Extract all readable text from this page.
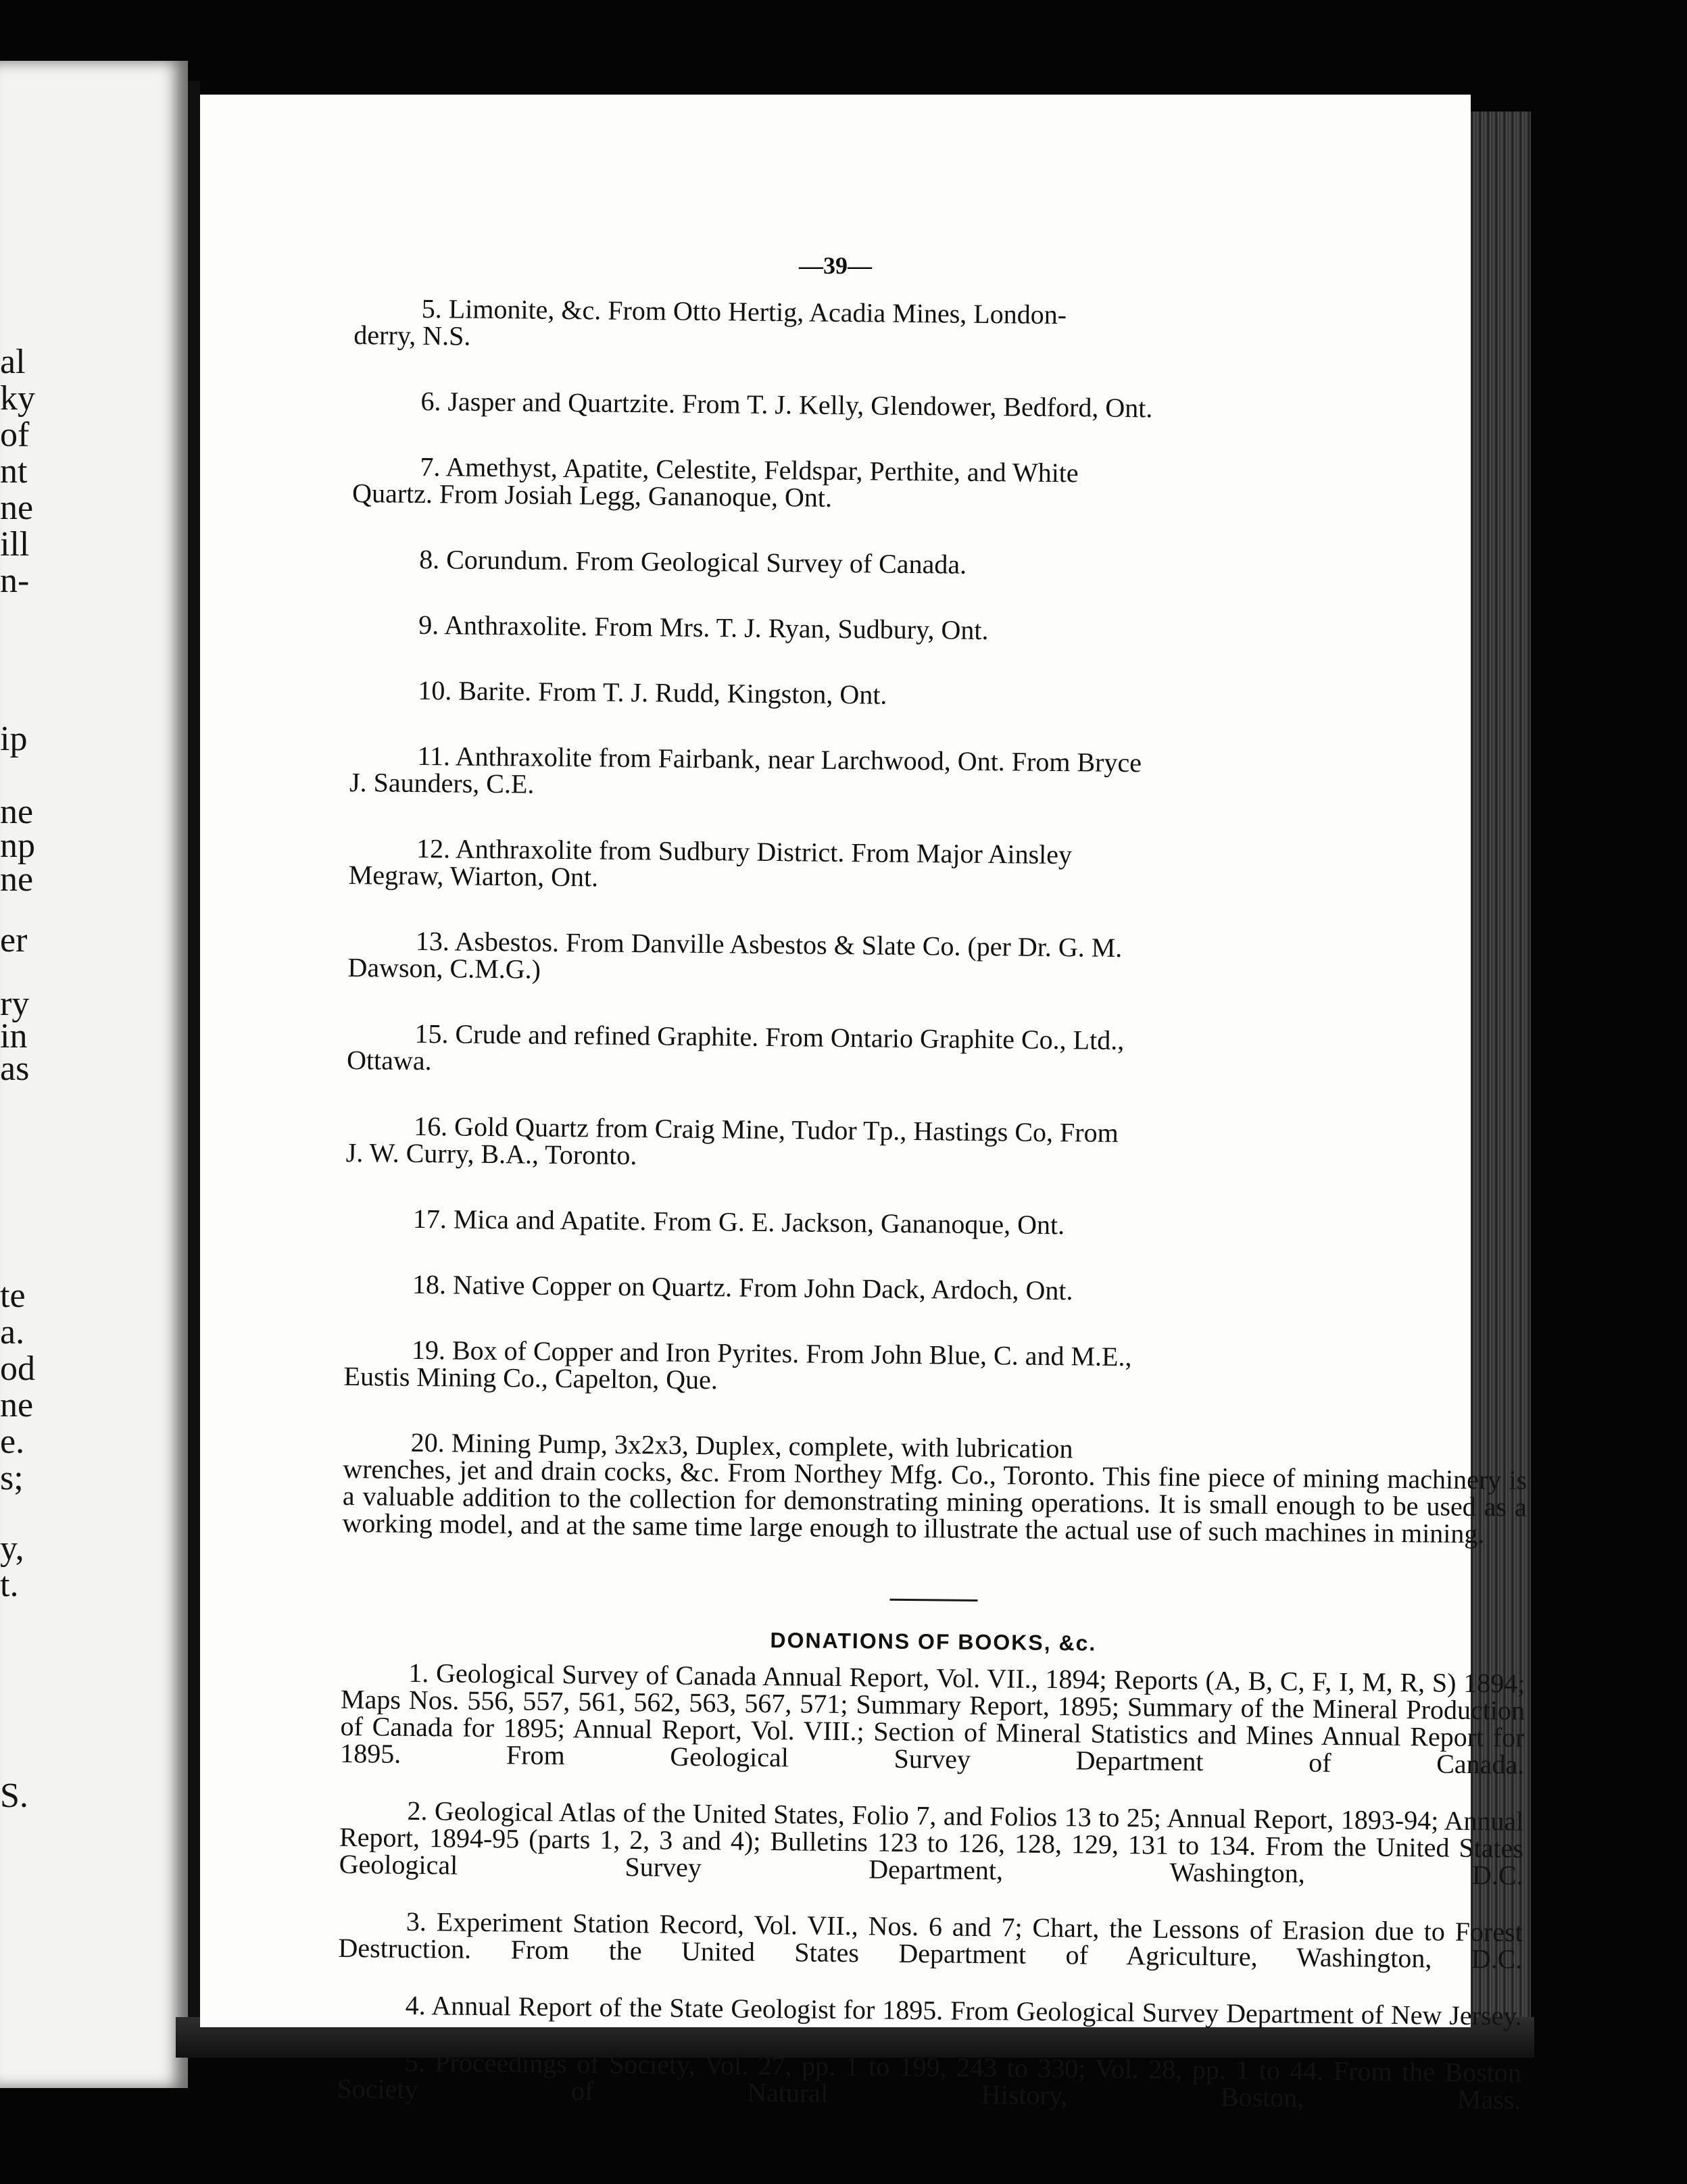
al
ky
of
nt
ne
ill
n-
ip
ne
np
ne
er
ry
in
as
te
a.
od
ne
e.
s;
y,
t.
S.
—39—
5. Limonite, &c. From Otto Hertig, Acadia Mines, London-
derry, N.S.
6. Jasper and Quartzite. From T. J. Kelly, Glendower, Bedford, Ont.
7. Amethyst, Apatite, Celestite, Feldspar, Perthite, and White
Quartz. From Josiah Legg, Gananoque, Ont.
8. Corundum. From Geological Survey of Canada.
9. Anthraxolite. From Mrs. T. J. Ryan, Sudbury, Ont.
10. Barite. From T. J. Rudd, Kingston, Ont.
11. Anthraxolite from Fairbank, near Larchwood, Ont. From Bryce
J. Saunders, C.E.
12. Anthraxolite from Sudbury District. From Major Ainsley
Megraw, Wiarton, Ont.
13. Asbestos. From Danville Asbestos & Slate Co. (per Dr. G. M.
Dawson, C.M.G.)
15. Crude and refined Graphite. From Ontario Graphite Co., Ltd.,
Ottawa.
16. Gold Quartz from Craig Mine, Tudor Tp., Hastings Co, From
J. W. Curry, B.A., Toronto.
17. Mica and Apatite. From G. E. Jackson, Gananoque, Ont.
18. Native Copper on Quartz. From John Dack, Ardoch, Ont.
19. Box of Copper and Iron Pyrites. From John Blue, C. and M.E.,
Eustis Mining Co., Capelton, Que.
20. Mining Pump, 3x2x3, Duplex, complete, with lubrication
wrenches, jet and drain cocks, &c. From Northey Mfg. Co., Toronto. This fine piece of mining machinery is a valuable addition to the collection for demonstrating mining operations. It is small enough to be used as a working model, and at the same time large enough to illustrate the actual use of such machines in mining.
DONATIONS OF BOOKS, &c.
1. Geological Survey of Canada Annual Report, Vol. VII., 1894; Reports (A, B, C, F, I, M, R, S) 1894; Maps Nos. 556, 557, 561, 562, 563, 567, 571; Summary Report, 1895; Summary of the Mineral Production of Canada for 1895; Annual Report, Vol. VIII.; Section of Mineral Statistics and Mines Annual Report for 1895. From Geological Survey Department of Canada.
2. Geological Atlas of the United States, Folio 7, and Folios 13 to 25; Annual Report, 1893-94; Annual Report, 1894-95 (parts 1, 2, 3 and 4); Bulletins 123 to 126, 128, 129, 131 to 134. From the United States Geological Survey Department, Washington, D.C.
3. Experiment Station Record, Vol. VII., Nos. 6 and 7; Chart, the Lessons of Erasion due to Forest Destruction. From the United States Department of Agriculture, Washington, D.C.
4. Annual Report of the State Geologist for 1895. From Geological Survey Department of New Jersey.
5. Proceedings of Society, Vol. 27, pp. 1 to 199, 243 to 330; Vol. 28, pp. 1 to 44. From the Boston Society of Natural History, Boston, Mass.
